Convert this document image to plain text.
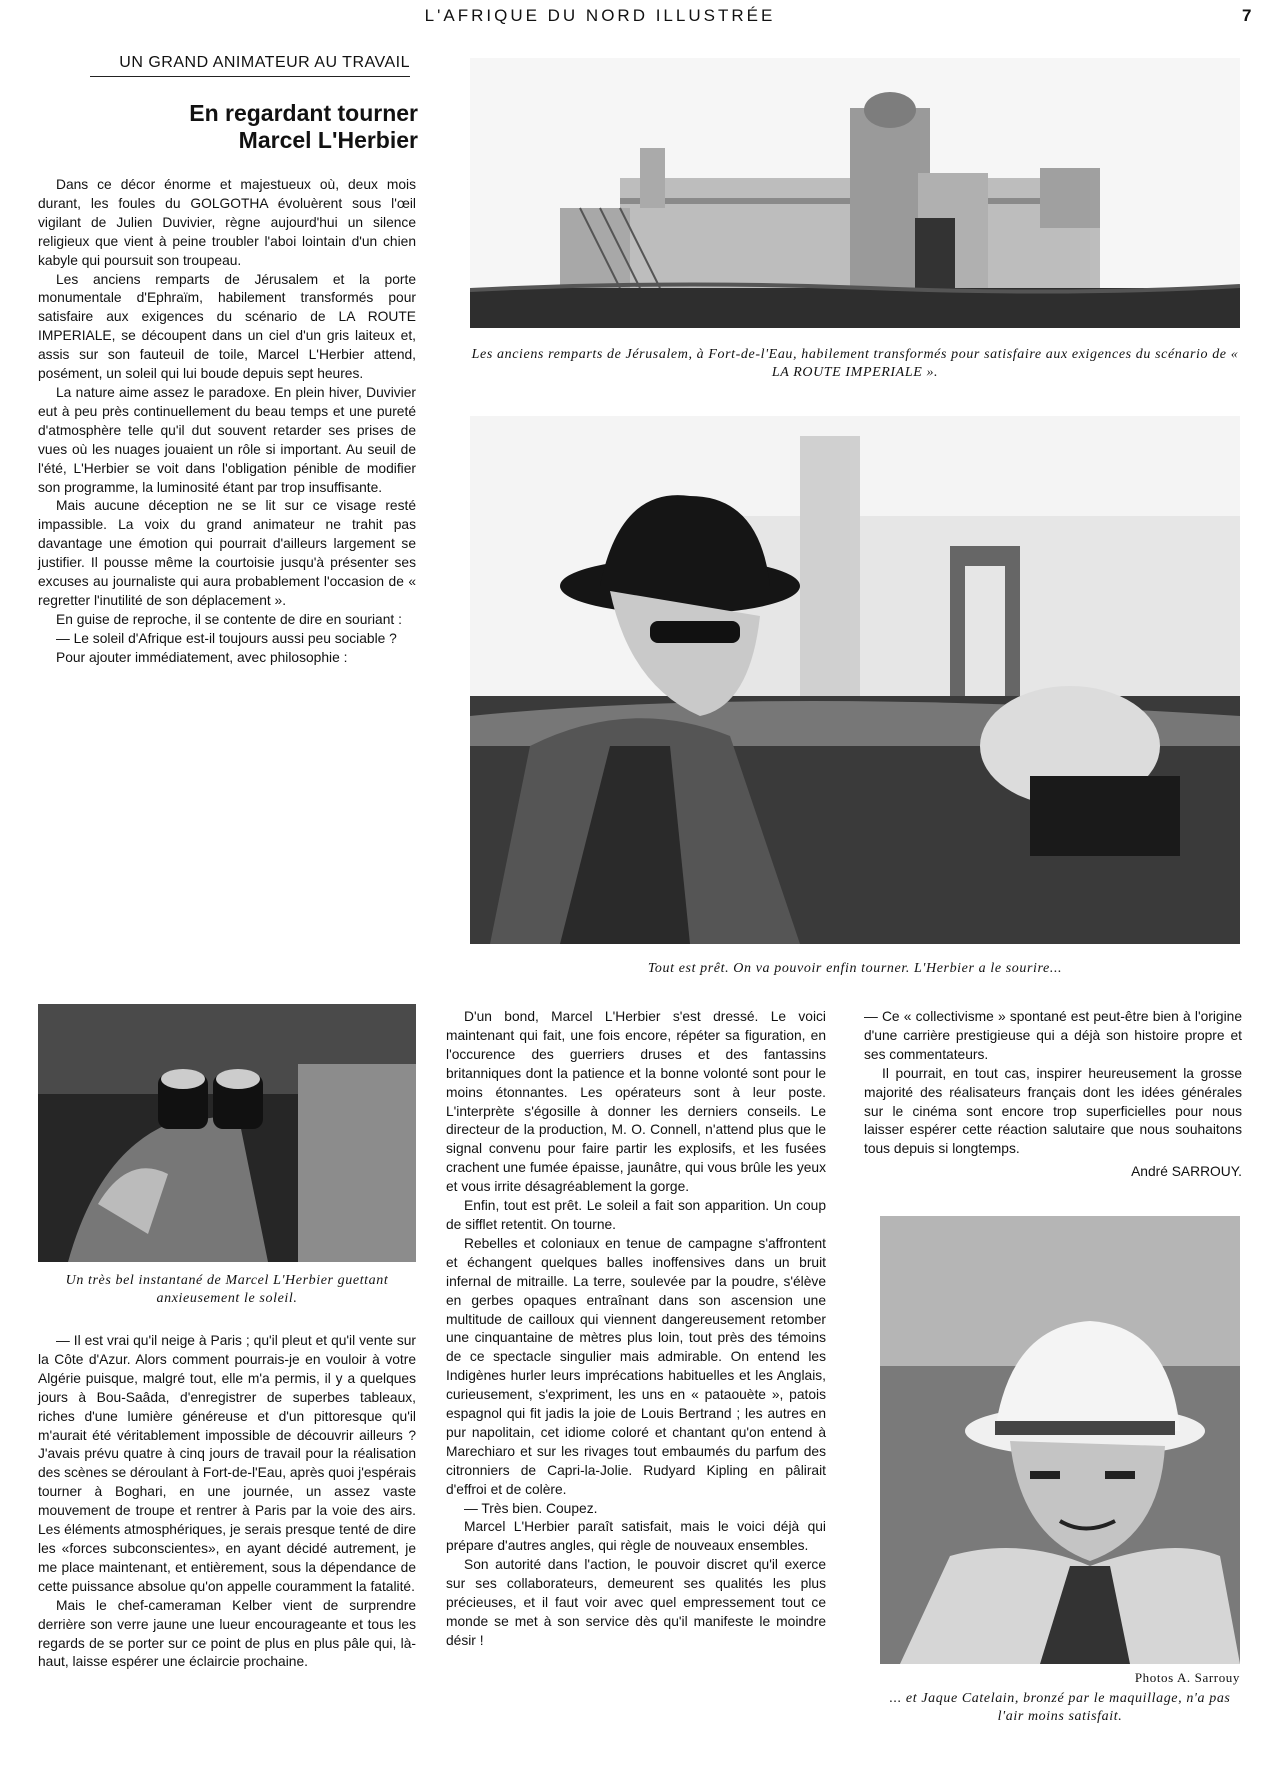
L'AFRIQUE DU NORD ILLUSTRÉE	7
UN GRAND ANIMATEUR AU TRAVAIL
En regardant tourner
Marcel L'Herbier

Dans ce décor énorme et majestueux où, deux mois durant, les foules du GOLGOTHA évoluèrent sous l'œil vigilant de Julien Duvivier, règne aujourd'hui un silence religieux que vient à peine troubler l'aboi lointain d'un chien kabyle qui poursuit son troupeau.

Les anciens remparts de Jérusalem et la porte monumentale d'Ephraïm, habilement transformés pour satisfaire aux exigences du scénario de LA ROUTE IMPERIALE, se découpent dans un ciel d'un gris laiteux et, assis sur son fauteuil de toile, Marcel L'Herbier attend, posément, un soleil qui lui boude depuis sept heures.

La nature aime assez le paradoxe. En plein hiver, Duvivier eut à peu près continuellement du beau temps et une pureté d'atmosphère telle qu'il dut souvent retarder ses prises de vues où les nuages jouaient un rôle si important. Au seuil de l'été, L'Herbier se voit dans l'obligation pénible de modifier son programme, la luminosité étant par trop insuffisante.

Mais aucune déception ne se lit sur ce visage resté impassible. La voix du grand animateur ne trahit pas davantage une émotion qui pourrait d'ailleurs largement se justifier. Il pousse même la courtoisie jusqu'à présenter ses excuses au journaliste qui aura probablement l'occasion de « regretter l'inutilité de son déplacement ».

En guise de reproche, il se contente de dire en souriant :

— Le soleil d'Afrique est-il toujours aussi peu sociable ?

Pour ajouter immédiatement, avec philosophie :

Les anciens remparts de Jérusalem, à Fort-de-l'Eau, habilement transformés pour satisfaire aux exigences du scénario de « LA ROUTE IMPERIALE ».
Tout est prêt. On va pouvoir enfin tourner. L'Herbier a le sourire...
Un très bel instantané de Marcel L'Herbier guettant anxieusement le soleil.

— Il est vrai qu'il neige à Paris ; qu'il pleut et qu'il vente sur la Côte d'Azur. Alors comment pourrais-je en vouloir à votre Algérie puisque, malgré tout, elle m'a permis, il y a quelques jours à Bou-Saâda, d'enregistrer de superbes tableaux, riches d'une lumière généreuse et d'un pittoresque qu'il m'aurait été véritablement impossible de découvrir ailleurs ? J'avais prévu quatre à cinq jours de travail pour la réalisation des scènes se déroulant à Fort-de-l'Eau, après quoi j'espérais tourner à Boghari, en une journée, un assez vaste mouvement de troupe et rentrer à Paris par la voie des airs. Les éléments atmosphériques, je serais presque tenté de dire les «forces subconscientes», en ayant décidé autrement, je me place maintenant, et entièrement, sous la dépendance de cette puissance absolue qu'on appelle couramment la fatalité.

Mais le chef-cameraman Kelber vient de surprendre derrière son verre jaune une lueur encourageante et tous les regards de se porter sur ce point de plus en plus pâle qui, là-haut, laisse espérer une éclaircie prochaine.

D'un bond, Marcel L'Herbier s'est dressé. Le voici maintenant qui fait, une fois encore, répéter sa figuration, en l'occurence des guerriers druses et des fantassins britanniques dont la patience et la bonne volonté sont pour le moins étonnantes. Les opérateurs sont à leur poste. L'interprète s'égosille à donner les derniers conseils. Le directeur de la production, M. O. Connell, n'attend plus que le signal convenu pour faire partir les explosifs, et les fusées crachent une fumée épaisse, jaunâtre, qui vous brûle les yeux et vous irrite désagréablement la gorge.

Enfin, tout est prêt. Le soleil a fait son apparition. Un coup de sifflet retentit. On tourne.

Rebelles et coloniaux en tenue de campagne s'affrontent et échangent quelques balles inoffensives dans un bruit infernal de mitraille. La terre, soulevée par la poudre, s'élève en gerbes opaques entraînant dans son ascension une multitude de cailloux qui viennent dangereusement retomber une cinquantaine de mètres plus loin, tout près des témoins de ce spectacle singulier mais admirable. On entend les Indigènes hurler leurs imprécations habituelles et les Anglais, curieusement, s'expriment, les uns en « pataouète », patois espagnol qui fit jadis la joie de Louis Bertrand ; les autres en pur napolitain, cet idiome coloré et chantant qu'on entend à Marechiaro et sur les rivages tout embaumés du parfum des citronniers de Capri-la-Jolie. Rudyard Kipling en pâlirait d'effroi et de colère.

— Très bien. Coupez.

Marcel L'Herbier paraît satisfait, mais le voici déjà qui prépare d'autres angles, qui règle de nouveaux ensembles.

Son autorité dans l'action, le pouvoir discret qu'il exerce sur ses collaborateurs, demeurent ses qualités les plus précieuses, et il faut voir avec quel empressement tout ce monde se met à son service dès qu'il manifeste le moindre désir !

— Ce « collectivisme » spontané est peut-être bien à l'origine d'une carrière prestigieuse qui a déjà son histoire propre et ses commentateurs.

Il pourrait, en tout cas, inspirer heureusement la grosse majorité des réalisateurs français dont les idées générales sur le cinéma sont encore trop superficielles pour nous laisser espérer cette réaction salutaire que nous souhaitons tous depuis si longtemps.

André SARROUY.

Photos A. Sarrouy
... et Jaque Catelain, bronzé par le maquillage, n'a pas l'air moins satisfait.
